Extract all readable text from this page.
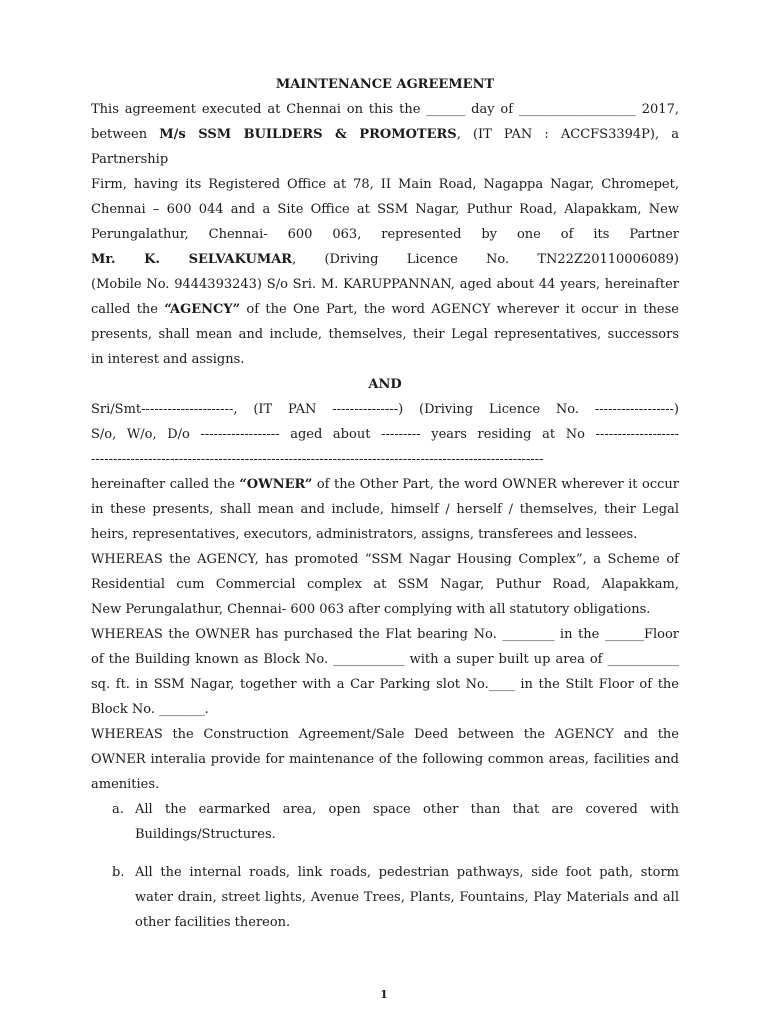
MAINTENANCE AGREEMENT

This agreement executed at Chennai on this the ______ day of __________________ 2017,
between M/s SSM BUILDERS & PROMOTERS, (IT PAN : ACCFS3394P), a Partnership
Firm, having its Registered Office at 78, II Main Road, Nagappa Nagar, Chromepet,
Chennai – 600 044 and a Site Office at SSM Nagar, Puthur Road, Alapakkam, New
Perungalathur, Chennai- 600 063, represented by one of its Partner
Mr. K. SELVAKUMAR, (Driving Licence No. TN22Z20110006089)
(Mobile No. 9444393243) S/o Sri. M. KARUPPANNAN, aged about 44 years, hereinafter
called the “AGENCY” of the One Part, the word AGENCY wherever it occur in these
presents, shall mean and include, themselves, their Legal representatives, successors
in interest and assigns.

AND

Sri/Smt---------------------, (IT PAN ---------------) (Driving Licence No. ------------------)
S/o, W/o, D/o ------------------ aged about --------- years residing at No -------------------
-------------------------------------------------------------------------------------------------------
hereinafter called the “OWNER” of the Other Part, the word OWNER wherever it occur
in these presents, shall mean and include, himself / herself / themselves, their Legal
heirs, representatives, executors, administrators, assigns, transferees and lessees.

WHEREAS the AGENCY, has promoted “SSM Nagar Housing Complex”, a Scheme of
Residential cum Commercial complex at SSM Nagar, Puthur Road, Alapakkam,
New Perungalathur, Chennai- 600 063 after complying with all statutory obligations.

WHEREAS the OWNER has purchased the Flat bearing No. ________ in the ______Floor
of the Building known as Block No. ___________ with a super built up area of ___________
sq. ft. in SSM Nagar, together with a Car Parking slot No.____ in the Stilt Floor of the
Block No. _______.

WHEREAS the Construction Agreement/Sale Deed between the AGENCY and the
OWNER interalia provide for maintenance of the following common areas, facilities and
amenities.

a. All the earmarked area, open space other than that are covered with
Buildings/Structures.
b. All the internal roads, link roads, pedestrian pathways, side foot path, storm
water drain, street lights, Avenue Trees, Plants, Fountains, Play Materials and all
other facilities thereon.
1
